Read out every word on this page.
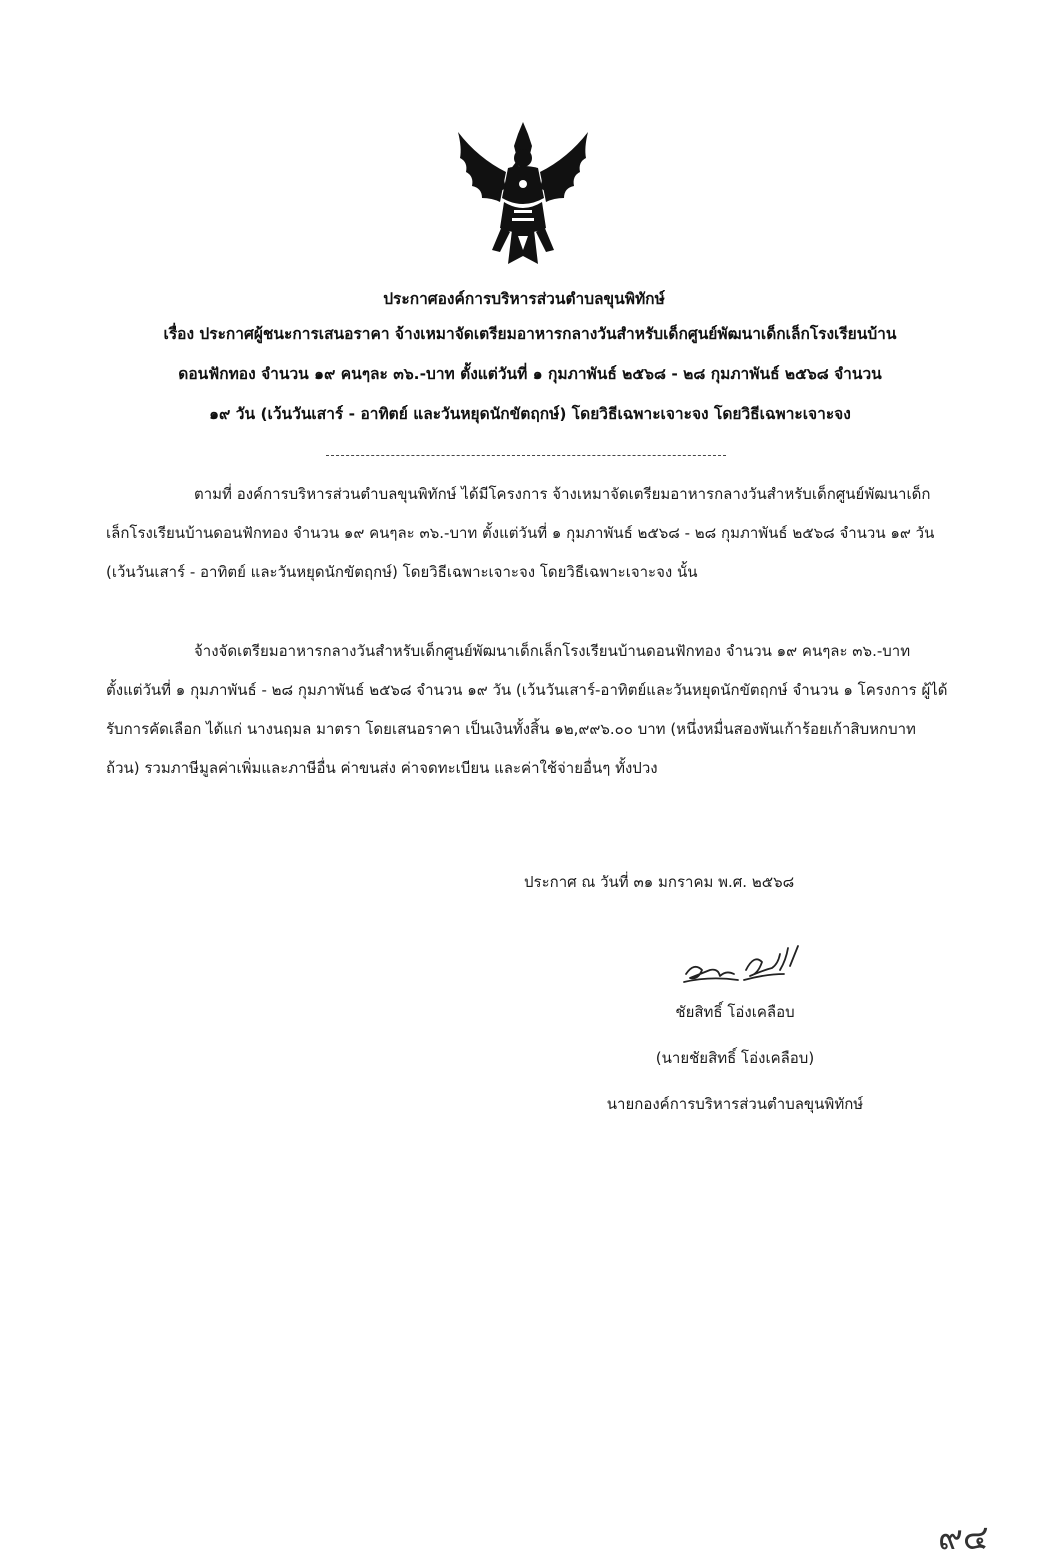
ประกาศองค์การบริหารส่วนตำบลขุนพิทักษ์
เรื่อง ประกาศผู้ชนะการเสนอราคา จ้างเหมาจัดเตรียมอาหารกลางวันสำหรับเด็กศูนย์พัฒนาเด็กเล็กโรงเรียนบ้าน
ดอนฟักทอง จำนวน ๑๙ คนๆละ ๓๖.-บาท ตั้งแต่วันที่ ๑ กุมภาพันธ์ ๒๕๖๘ - ๒๘ กุมภาพันธ์ ๒๕๖๘ จำนวน
๑๙ วัน (เว้นวันเสาร์ - อาทิตย์ และวันหยุดนักขัตฤกษ์) โดยวิธีเฉพาะเจาะจง โดยวิธีเฉพาะเจาะจง
ตามที่ องค์การบริหารส่วนตำบลขุนพิทักษ์ ได้มีโครงการ จ้างเหมาจัดเตรียมอาหารกลางวันสำหรับเด็กศูนย์พัฒนาเด็กเล็กโรงเรียนบ้านดอนฟักทอง จำนวน ๑๙ คนๆละ ๓๖.-บาท ตั้งแต่วันที่ ๑ กุมภาพันธ์ ๒๕๖๘ - ๒๘ กุมภาพันธ์ ๒๕๖๘ จำนวน ๑๙ วัน (เว้นวันเสาร์ - อาทิตย์ และวันหยุดนักขัตฤกษ์) โดยวิธีเฉพาะเจาะจง โดยวิธีเฉพาะเจาะจง นั้น
จ้างจัดเตรียมอาหารกลางวันสำหรับเด็กศูนย์พัฒนาเด็กเล็กโรงเรียนบ้านดอนฟักทอง จำนวน ๑๙ คนๆละ ๓๖.-บาท ตั้งแต่วันที่ ๑ กุมภาพันธ์ - ๒๘ กุมภาพันธ์ ๒๕๖๘ จำนวน ๑๙ วัน (เว้นวันเสาร์-อาทิตย์และวันหยุดนักขัตฤกษ์ จำนวน ๑ โครงการ ผู้ได้รับการคัดเลือก ได้แก่ นางนฤมล มาตรา โดยเสนอราคา เป็นเงินทั้งสิ้น ๑๒,๙๙๖.๐๐ บาท (หนึ่งหมื่นสองพันเก้าร้อยเก้าสิบหกบาทถ้วน) รวมภาษีมูลค่าเพิ่มและภาษีอื่น ค่าขนส่ง ค่าจดทะเบียน และค่าใช้จ่ายอื่นๆ ทั้งปวง
ประกาศ ณ วันที่ ๓๑ มกราคม พ.ศ. ๒๕๖๘
ชัยสิทธิ์ โอ่งเคลือบ
(นายชัยสิทธิ์ โอ่งเคลือบ)
นายกองค์การบริหารส่วนตำบลขุนพิทักษ์
๙๔
